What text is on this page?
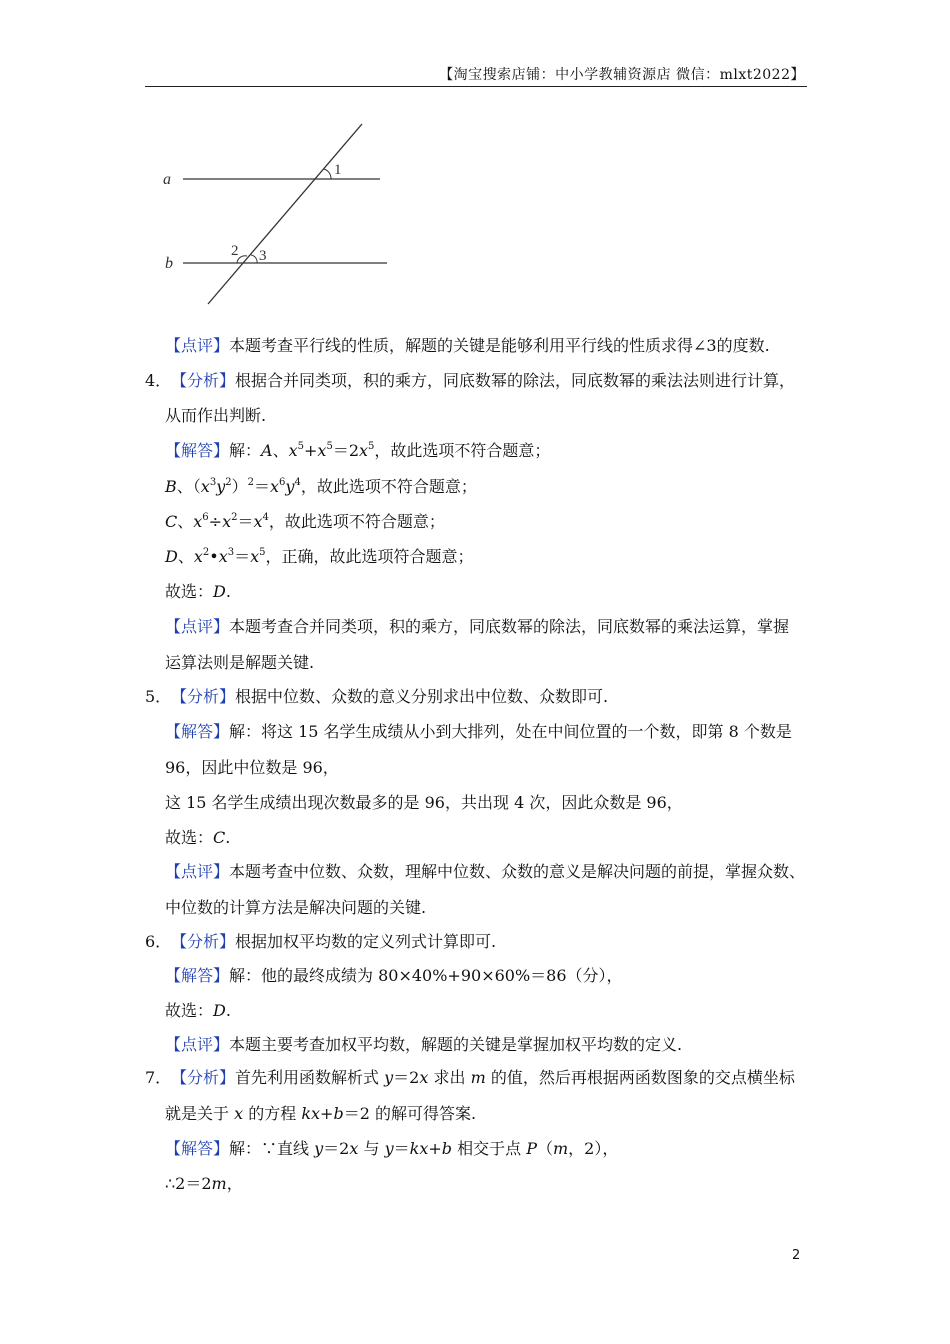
【淘宝搜索店铺：中小学教辅资源店 微信：mlxt2022】
a
b
1
2 3
【点评】本题考查平行线的性质，解题的关键是能够利用平行线的性质求得∠3的度数.
4．【分析】根据合并同类项，积的乘方，同底数幂的除法，同底数幂的乘法法则进行计算，
从而作出判断.
【解答】解：A、$x^5+x^5=2x^5$，故此选项不符合题意；
B、$(x^3y^2)^2=x^6y^4$，故此选项不符合题意；
C、$x^6\div x^2=x^4$，故此选项不符合题意；
D、$x^2•x^3=x^5$，正确，故此选项符合题意；
故选：D.
【点评】本题考查合并同类项，积的乘方，同底数幂的除法，同底数幂的乘法运算，掌握
运算法则是解题关键.
5．【分析】根据中位数、众数的意义分别求出中位数、众数即可.
【解答】解：将这 15 名学生成绩从小到大排列，处在中间位置的一个数，即第 8 个数是
96，因此中位数是 96，
这 15 名学生成绩出现次数最多的是 96，共出现 4 次，因此众数是 96，
故选：C.
【点评】本题考查中位数、众数，理解中位数、众数的意义是解决问题的前提，掌握众数、
中位数的计算方法是解决问题的关键.
6．【分析】根据加权平均数的定义列式计算即可.
【解答】解：他的最终成绩为 80×40%+90×60%＝86（分），
故选：D.
【点评】本题主要考查加权平均数，解题的关键是掌握加权平均数的定义.
7．【分析】首先利用函数解析式 y＝2x 求出 m 的值，然后再根据两函数图象的交点横坐标
就是关于 x 的方程 kx+b＝2 的解可得答案.
【解答】解：∵直线 y＝2x 与 y＝kx+b 相交于点 P（m，2），
∴2＝2m，
2
